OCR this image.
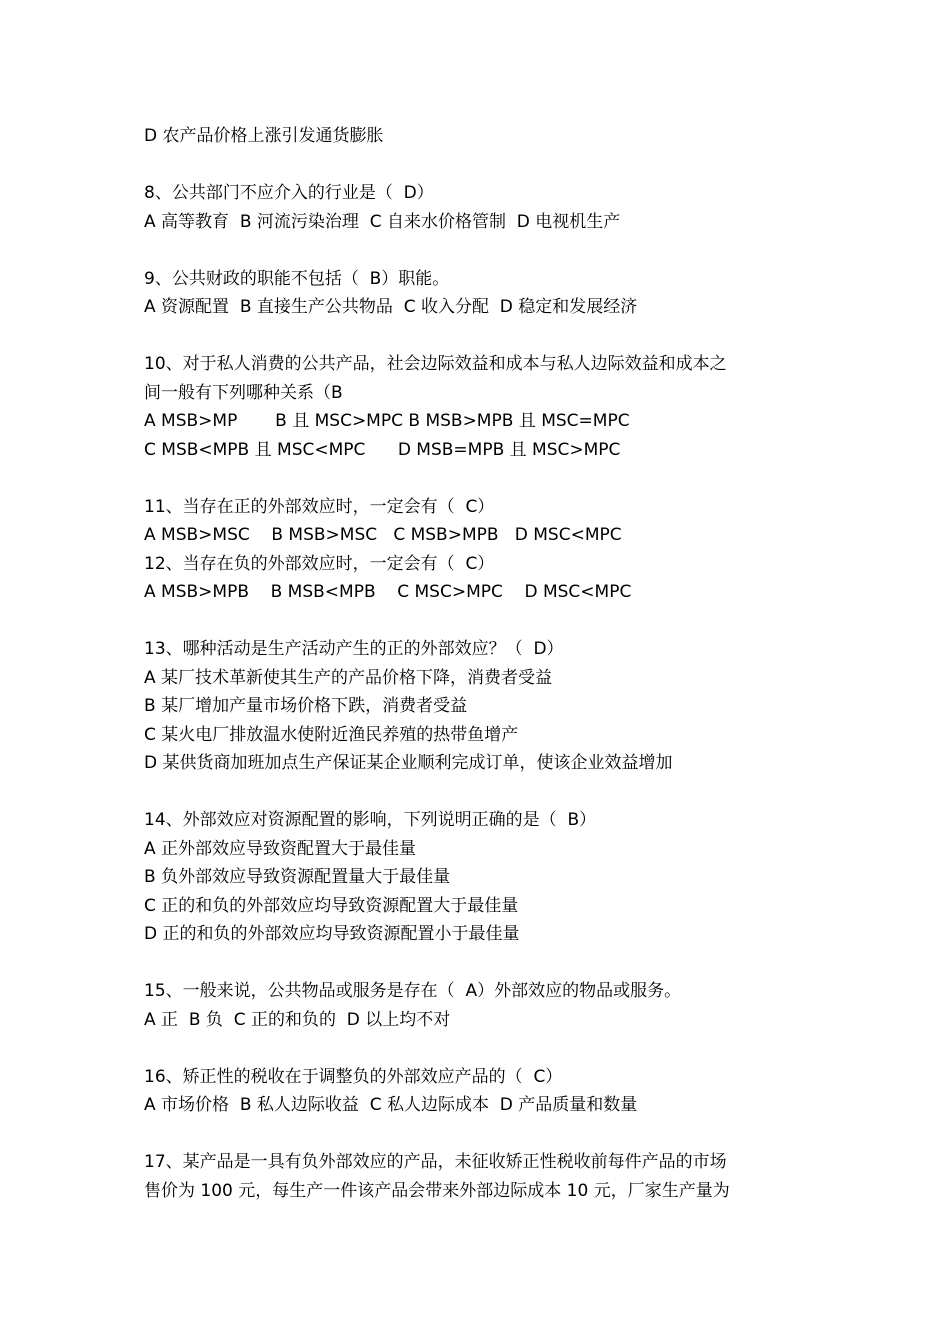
D 农产品价格上涨引发通货膨胀
8、公共部门不应介入的行业是（  D）
A 高等教育  B 河流污染治理  C 自来水价格管制  D 电视机生产
9、公共财政的职能不包括（  B）职能。
A 资源配置  B 直接生产公共物品  C 收入分配  D 稳定和发展经济
10、对于私人消费的公共产品，社会边际效益和成本与私人边际效益和成本之
间一般有下列哪种关系（B
A MSB>MP       B 且 MSC>MPC B MSB>MPB 且 MSC=MPC
C MSB<MPB 且 MSC<MPC      D MSB=MPB 且 MSC>MPC
11、当存在正的外部效应时，一定会有（  C）
A MSB>MSC    B MSB>MSC   C MSB>MPB   D MSC<MPC
12、当存在负的外部效应时，一定会有（  C）
A MSB>MPB    B MSB<MPB    C MSC>MPC    D MSC<MPC
13、哪种活动是生产活动产生的正的外部效应？（  D）
A 某厂技术革新使其生产的产品价格下降，消费者受益
B 某厂增加产量市场价格下跌，消费者受益
C 某火电厂排放温水使附近渔民养殖的热带鱼增产
D 某供货商加班加点生产保证某企业顺利完成订单，使该企业效益增加
14、外部效应对资源配置的影响，下列说明正确的是（  B）
A 正外部效应导致资配置大于最佳量
B 负外部效应导致资源配置量大于最佳量
C 正的和负的外部效应均导致资源配置大于最佳量
D 正的和负的外部效应均导致资源配置小于最佳量
15、一般来说，公共物品或服务是存在（  A）外部效应的物品或服务。
A 正  B 负  C 正的和负的  D 以上均不对
16、矫正性的税收在于调整负的外部效应产品的（  C）
A 市场价格  B 私人边际收益  C 私人边际成本  D 产品质量和数量
17、某产品是一具有负外部效应的产品，未征收矫正性税收前每件产品的市场
售价为 100 元，每生产一件该产品会带来外部边际成本 10 元，厂家生产量为
